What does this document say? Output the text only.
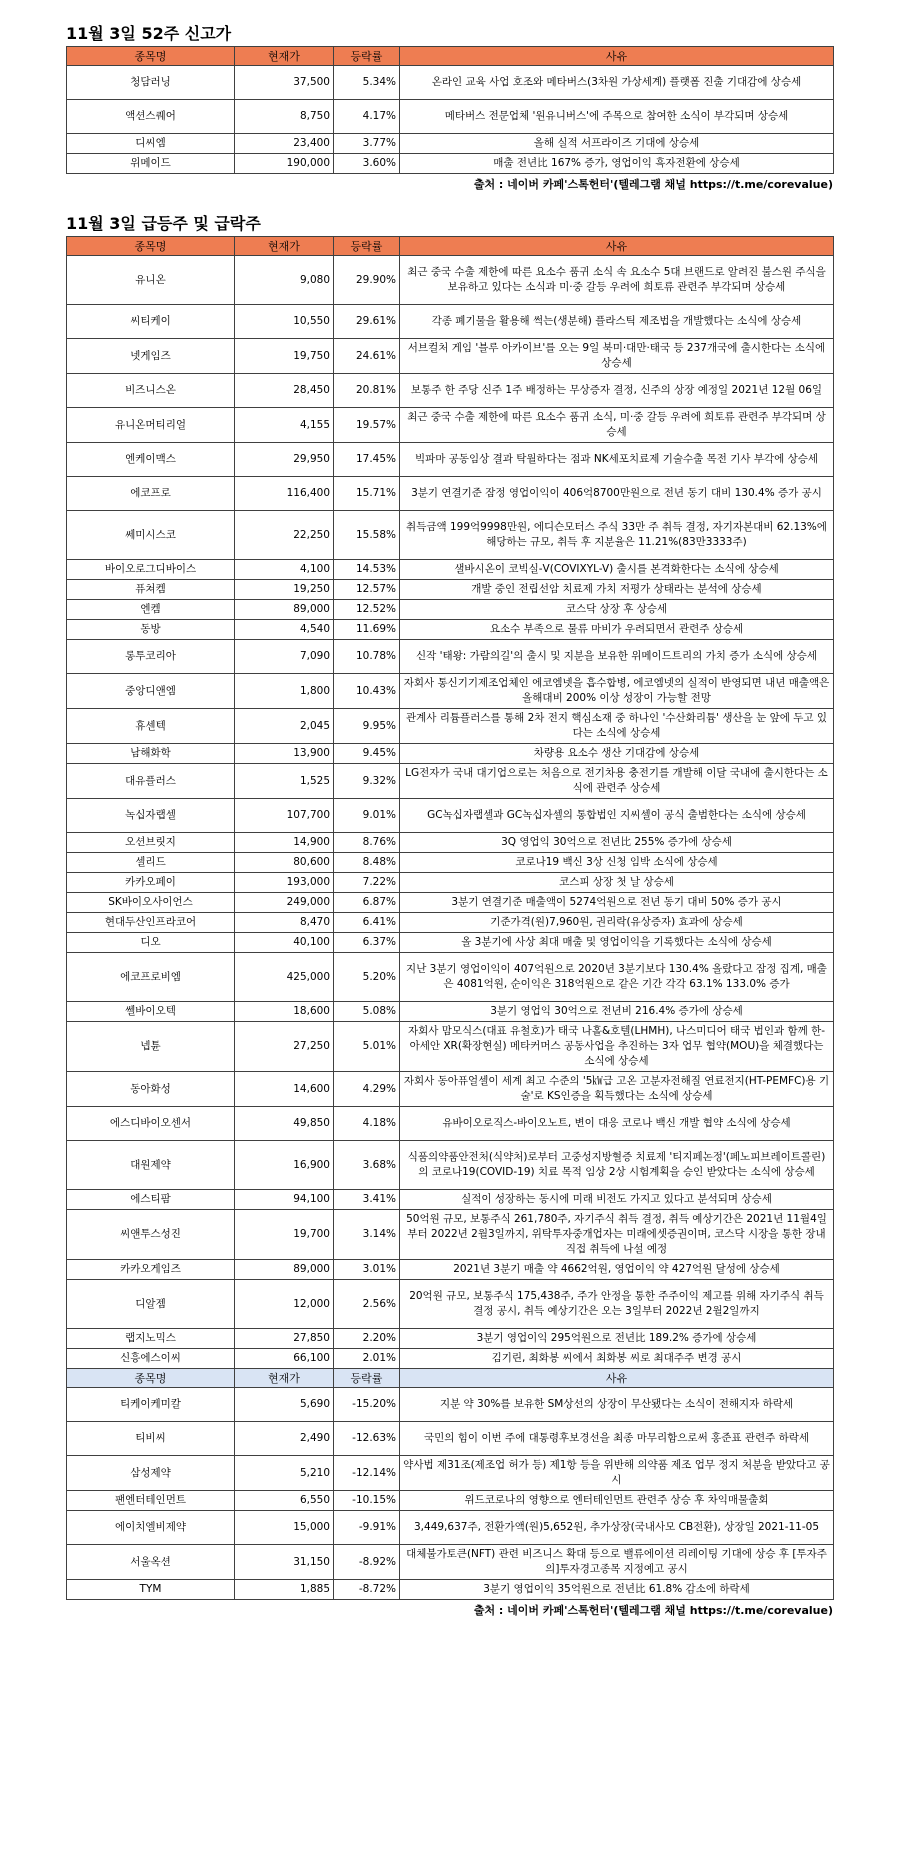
11월 3일 52주 신고가
종목명	현재가	등락률	사유
청담러닝	37,500	5.34%	온라인 교육 사업 호조와 메타버스(3차원 가상세계) 플랫폼 진출 기대감에 상승세
액션스퀘어	8,750	4.17%	메타버스 전문업체 '원유니버스'에 주목으로 참여한 소식이 부각되며 상승세
디씨엠	23,400	3.77%	올해 실적 서프라이즈 기대에 상승세
위메이드	190,000	3.60%	매출 전년比 167% 증가, 영업이익 흑자전환에 상승세
출처 : 네이버 카페'스톡헌터'(텔레그램 채널 https://t.me/corevalue)
11월 3일 급등주 및 급락주
종목명	현재가	등락률	사유
유니온	9,080	29.90%	최근 중국 수출 제한에 따른 요소수 품귀 소식 속 요소수 5대 브랜드로 알려진 불스원 주식을 보유하고 있다는 소식과 미·중 갈등 우려에 희토류 관련주 부각되며 상승세
씨티케이	10,550	29.61%	각종 폐기물을 활용해 썩는(생분해) 플라스틱 제조법을 개발했다는 소식에 상승세
넷게임즈	19,750	24.61%	서브컬처 게임 '블루 아카이브'를 오는 9일 북미·대만·태국 등 237개국에 출시한다는 소식에 상승세
비즈니스온	28,450	20.81%	보통주 한 주당 신주 1주 배정하는 무상증자 결정, 신주의 상장 예정일 2021년 12월 06일
유니온머티리얼	4,155	19.57%	최근 중국 수출 제한에 따른 요소수 품귀 소식, 미·중 갈등 우려에 희토류 관련주 부각되며 상승세
엔케이맥스	29,950	17.45%	빅파마 공동임상 결과 탁월하다는 점과 NK세포치료제 기술수출 목전 기사 부각에 상승세
에코프로	116,400	15.71%	3분기 연결기준 잠정 영업이익이 406억8700만원으로 전년 동기 대비 130.4% 증가 공시
쎄미시스코	22,250	15.58%	취득금액 199억9998만원, 에디슨모터스 주식 33만 주 취득 결정, 자기자본대비 62.13%에 해당하는 규모, 취득 후 지분율은 11.21%(83만3333주)
바이오로그디바이스	4,100	14.53%	샐바시온이 코빅실-V(COVIXYL-V) 출시를 본격화한다는 소식에 상승세
퓨쳐켐	19,250	12.57%	개발 중인 전립선암 치료제 가치 저평가 상태라는 분석에 상승세
엔켐	89,000	12.52%	코스닥 상장 후 상승세
동방	4,540	11.69%	요소수 부족으로 물류 마비가 우려되면서 관련주 상승세
롱투코리아	7,090	10.78%	신작 '태왕: 가람의길'의 출시 및 지분을 보유한 위메이드트리의 가치 증가 소식에 상승세
중앙디앤엠	1,800	10.43%	자회사 통신기기제조업체인 에코엠넷을 흡수합병, 에코엠넷의 실적이 반영되면 내년 매출액은 올해대비 200% 이상 성장이 가능할 전망
휴센텍	2,045	9.95%	관계사 리튬플러스를 통해 2차 전지 핵심소재 중 하나인 '수산화리튬' 생산을 눈 앞에 두고 있다는 소식에 상승세
남해화학	13,900	9.45%	차량용 요소수 생산 기대감에 상승세
대유플러스	1,525	9.32%	LG전자가 국내 대기업으로는 처음으로 전기차용 충전기를 개발해 이달 국내에 출시한다는 소식에 관련주 상승세
녹십자랩셀	107,700	9.01%	GC녹십자랩셀과 GC녹십자셀의 통합법인 지씨셀이 공식 출범한다는 소식에 상승세
오션브릿지	14,900	8.76%	3Q 영업익 30억으로 전년比 255% 증가에 상승세
셀리드	80,600	8.48%	코로나19 백신 3상 신청 임박 소식에 상승세
카카오페이	193,000	7.22%	코스피 상장 첫 날 상승세
SK바이오사이언스	249,000	6.87%	3분기 연결기준 매출액이 5274억원으로 전년 동기 대비 50% 증가 공시
현대두산인프라코어	8,470	6.41%	기준가격(원)7,960원, 권리락(유상증자) 효과에 상승세
디오	40,100	6.37%	올 3분기에 사상 최대 매출 및 영업이익을 기록했다는 소식에 상승세
에코프로비엠	425,000	5.20%	지난 3분기 영업이익이 407억원으로 2020년 3분기보다 130.4% 올랐다고 잠정 집계, 매출은 4081억원, 순이익은 318억원으로 같은 기간 각각 63.1% 133.0% 증가
쎌바이오텍	18,600	5.08%	3분기 영업익 30억으로 전년비 216.4% 증가에 상승세
넵튠	27,250	5.01%	자회사 맘모식스(대표 유철호)가 태국 나홀&호텔(LHMH), 나스미디어 태국 법인과 함께 한-아세안 XR(확장현실) 메타커머스 공동사업을 추진하는 3자 업무 협약(MOU)을 체결했다는 소식에 상승세
동아화성	14,600	4.29%	자회사 동아퓨얼셀이 세계 최고 수준의 '5㎾급 고온 고분자전해질 연료전지(HT-PEMFC)용 기술'로 KS인증을 획득했다는 소식에 상승세
에스디바이오센서	49,850	4.18%	유바이오로직스-바이오노트, 변이 대응 코로나 백신 개발 협약 소식에 상승세
대원제약	16,900	3.68%	식품의약품안전처(식약처)로부터 고중성지방혈증 치료제 '티지페논정'(페노피브레이트콜린)의 코로나19(COVID-19) 치료 목적 임상 2상 시험계획을 승인 받았다는 소식에 상승세
에스티팜	94,100	3.41%	실적이 성장하는 동시에 미래 비전도 가지고 있다고 분석되며 상승세
씨앤투스성진	19,700	3.14%	50억원 규모, 보통주식 261,780주, 자기주식 취득 결정, 취득 예상기간은 2021년 11월4일부터 2022년 2월3일까지, 위탁투자중개업자는 미래에셋증권이며, 코스닥 시장을 통한 장내 직접 취득에 나설 예정
카카오게임즈	89,000	3.01%	2021년 3분기 매출 약 4662억원, 영업이익 약 427억원 달성에 상승세
디알젬	12,000	2.56%	20억원 규모, 보통주식 175,438주, 주가 안정을 통한 주주이익 제고를 위해 자기주식 취득 결정 공시, 취득 예상기간은 오는 3일부터 2022년 2월2일까지
랩지노믹스	27,850	2.20%	3분기 영업이익 295억원으로 전년比 189.2% 증가에 상승세
신흥에스이씨	66,100	2.01%	김기린, 최화봉 씨에서 최화봉 씨로 최대주주 변경 공시
종목명	현재가	등락률	사유
티케이케미칼	5,690	-15.20%	지분 약 30%를 보유한 SM상선의 상장이 무산됐다는 소식이 전해지자 하락세
티비씨	2,490	-12.63%	국민의 힘이 이번 주에 대통령후보경선을 최종 마무리함으로써 홍준표 관련주 하락세
삼성제약	5,210	-12.14%	약사법 제31조(제조업 허가 등) 제1항 등을 위반해 의약품 제조 업무 정지 처분을 받았다고 공시
팬엔터테인먼트	6,550	-10.15%	위드코로나의 영향으로 엔터테인먼트 관련주 상승 후 차익매물출회
에이치엘비제약	15,000	-9.91%	3,449,637주, 전환가액(원)5,652원, 추가상장(국내사모 CB전환), 상장일 2021-11-05
서울옥션	31,150	-8.92%	대체불가토큰(NFT) 관련 비즈니스 확대 등으로 밸류에이션 리레이팅 기대에 상승 후 [투자주의]투자경고종목 지정예고 공시
TYM	1,885	-8.72%	3분기 영업이익 35억원으로 전년比 61.8% 감소에 하락세
출처 : 네이버 카페'스톡헌터'(텔레그램 채널 https://t.me/corevalue)
